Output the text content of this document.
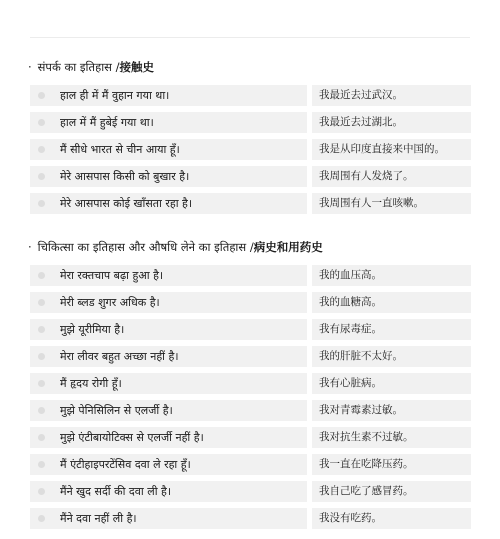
· संपर्क का इतिहास /接触史
हाल ही में मैं वुहान गया था।	我最近去过武汉。
हाल में मैं हुबेई गया था।	我最近去过湖北。
मैं सीधे भारत से चीन आया हूँ।	我是从印度直接来中国的。
मेरे आसपास किसी को बुखार है।	我周围有人发烧了。
मेरे आसपास कोई खाँसता रहा है।	我周围有人一直咳嗽。
· चिकित्सा का इतिहास और औषधि लेने का इतिहास /病史和用药史
मेरा रक्तचाप बढ़ा हुआ है।	我的血压高。
मेरी ब्लड शुगर अधिक है।	我的血糖高。
मुझे यूरीमिया है।	我有尿毒症。
मेरा लीवर बहुत अच्छा नहीं है।	我的肝脏不太好。
मैं हृदय रोगी हूँ।	我有心脏病。
मुझे पेनिसिलिन से एलर्जी है।	我对青霉素过敏。
मुझे एंटीबायोटिक्स से एलर्जी नहीं है।	我对抗生素不过敏。
मैं एंटीहाइपरटेंसिव दवा ले रहा हूँ।	我一直在吃降压药。
मैंने खुद सर्दी की दवा ली है।	我自己吃了感冒药。
मैंने दवा नहीं ली है।	我没有吃药。
